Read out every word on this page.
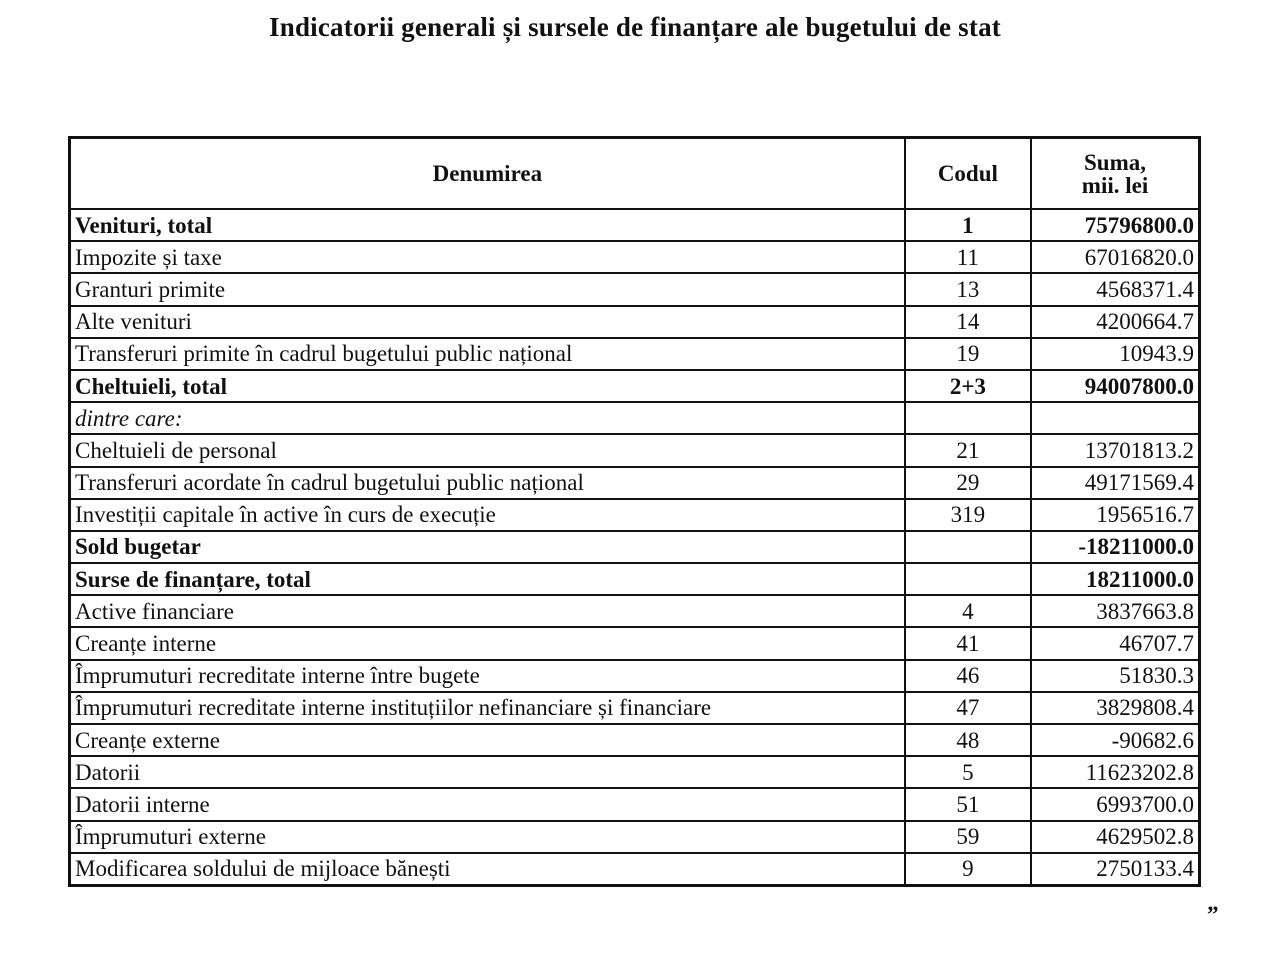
Indicatorii generali și sursele de finanțare ale bugetului de stat
Denumirea	Codul	Suma,
mii. lei
Venituri, total	1	75796800.0
Impozite și taxe	11	67016820.0
Granturi primite	13	4568371.4
Alte venituri	14	4200664.7
Transferuri primite în cadrul bugetului public național	19	10943.9
Cheltuieli, total	2+3	94007800.0
dintre care:		
Cheltuieli de personal	21	13701813.2
Transferuri acordate în cadrul bugetului public național	29	49171569.4
Investiții capitale în active în curs de execuție	319	1956516.7
Sold bugetar		-18211000.0
Surse de finanțare, total		18211000.0
Active financiare	4	3837663.8
Creanțe interne	41	46707.7
Împrumuturi recreditate interne între bugete	46	51830.3
Împrumuturi recreditate interne instituțiilor nefinanciare și financiare	47	3829808.4
Creanțe externe	48	-90682.6
Datorii	5	11623202.8
Datorii interne	51	6993700.0
Împrumuturi externe	59	4629502.8
Modificarea soldului de mijloace bănești	9	2750133.4
”
